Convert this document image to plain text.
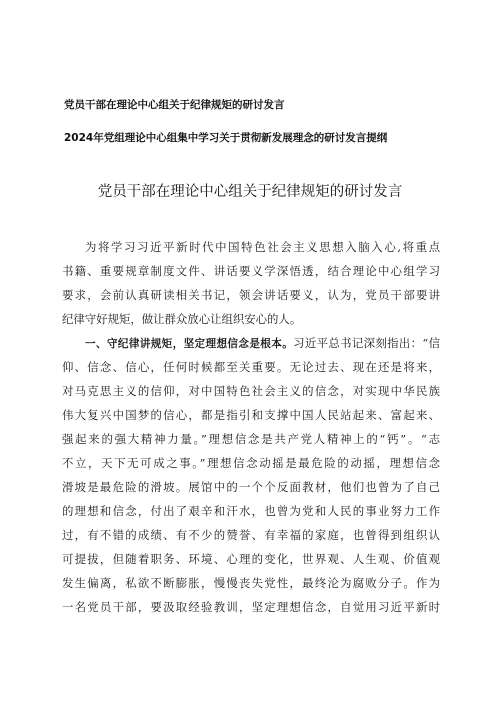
党员干部在理论中心组关于纪律规矩的研讨发言
2024年党组理论中心组集中学习关于贯彻新发展理念的研讨发言提纲
党员干部在理论中心组关于纪律规矩的研讨发言
为将学习习近平新时代中国特色社会主义思想入脑入心,将重点
书籍、重要规章制度文件、讲话要义学深悟透，结合理论中心组学习
要求，会前认真研读相关书记，领会讲话要义，认为，党员干部要讲
纪律守好规矩，做让群众放心让组织安心的人。
一、守纪律讲规矩，坚定理想信念是根本。习近平总书记深刻指出：“信
仰、信念、信心，任何时候都至关重要。无论过去、现在还是将来，
对马克思主义的信仰，对中国特色社会主义的信念，对实现中华民族
伟大复兴中国梦的信心，都是指引和支撑中国人民站起来、富起来、
强起来的强大精神力量。”理想信念是共产党人精神上的“钙”。“志
不立，天下无可成之事。”理想信念动摇是最危险的动摇，理想信念
滑坡是最危险的滑坡。展馆中的一个个反面教材，他们也曾为了自己
的理想和信念，付出了艰辛和汗水，也曾为党和人民的事业努力工作
过，有不错的成绩、有不少的赞誉、有幸福的家庭，也曾得到组织认
可提拔，但随着职务、环境、心理的变化，世界观、人生观、价值观
发生偏离，私欲不断膨胀，慢慢丧失党性，最终沦为腐败分子。作为
一名党员干部，要汲取经验教训，坚定理想信念，自觉用习近平新时
